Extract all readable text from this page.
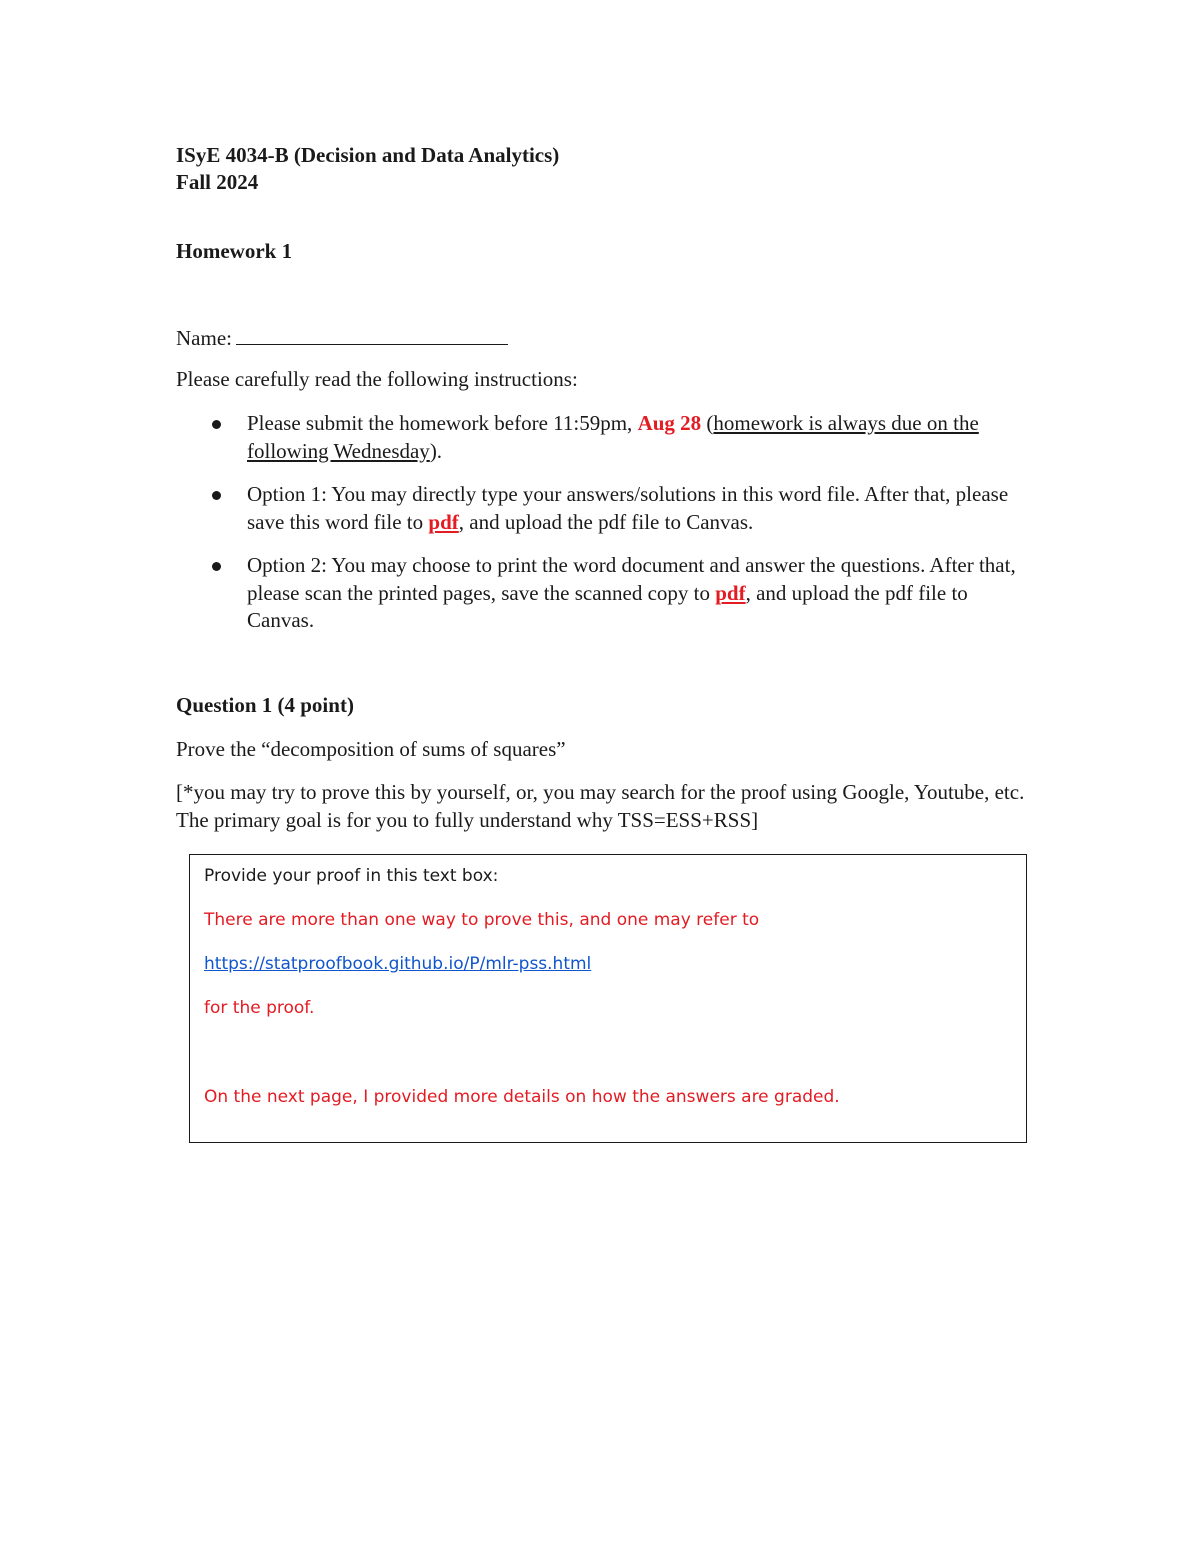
ISyE 4034-B (Decision and Data Analytics)
Fall 2024
Homework 1
Name:
Please carefully read the following instructions:
Please submit the homework before 11:59pm, Aug 28 (homework is always due on the following Wednesday).
Option 1: You may directly type your answers/solutions in this word file. After that, please save this word file to pdf, and upload the pdf file to Canvas.
Option 2: You may choose to print the word document and answer the questions. After that, please scan the printed pages, save the scanned copy to pdf, and upload the pdf file to Canvas.
Question 1 (4 point)
Prove the “decomposition of sums of squares”
[*you may try to prove this by yourself, or, you may search for the proof using Google, Youtube, etc. The primary goal is for you to fully understand why TSS=ESS+RSS]
Provide your proof in this text box:
There are more than one way to prove this, and one may refer to
https://statproofbook.github.io/P/mlr-pss.html
for the proof.
On the next page, I provided more details on how the answers are graded.
